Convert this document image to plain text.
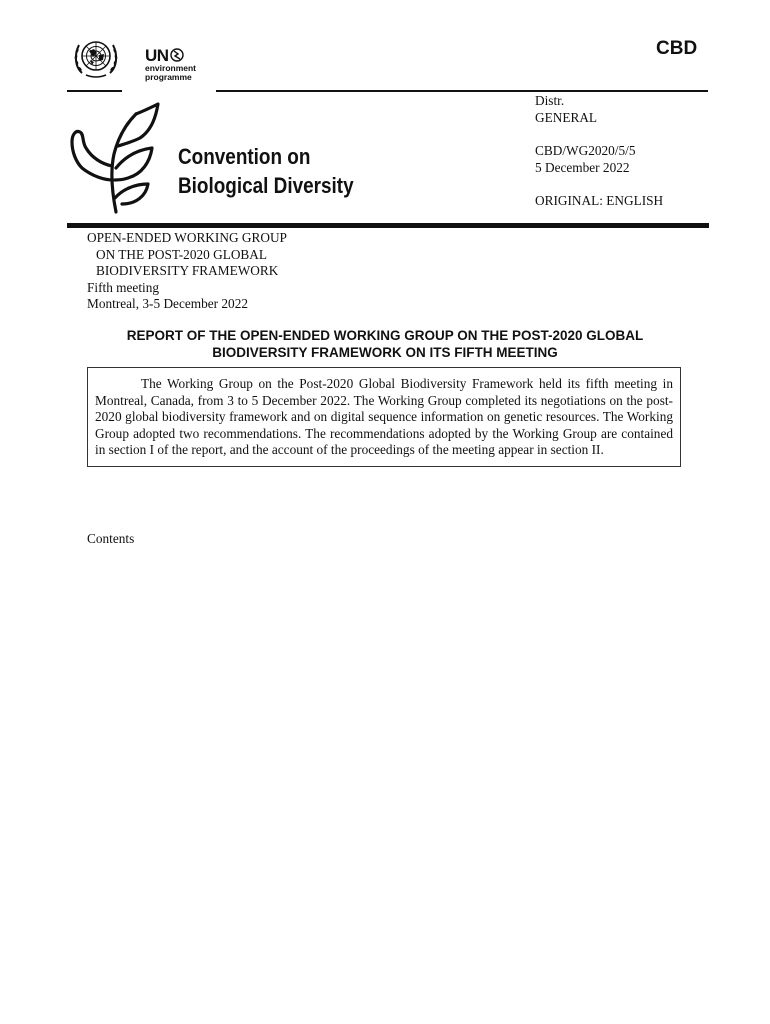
CBD
UN
environment
programme
Convention on
Biological Diversity
Distr.
GENERAL
CBD/WG2020/5/5
5 December 2022
ORIGINAL: ENGLISH
OPEN-ENDED WORKING GROUP
ON THE POST-2020 GLOBAL
BIODIVERSITY FRAMEWORK
Fifth meeting
Montreal, 3-5 December 2022
REPORT OF THE OPEN-ENDED WORKING GROUP ON THE POST-2020 GLOBAL
BIODIVERSITY FRAMEWORK ON ITS FIFTH MEETING

The Working Group on the Post-2020 Global Biodiversity Framework held its fifth meeting in Montreal, Canada, from 3 to 5 December 2022. The Working Group completed its negotiations on the post-2020 global biodiversity framework and on digital sequence information on genetic resources. The Working Group adopted two recommendations. The recommendations adopted by the Working Group are contained in section I of the report, and the account of the proceedings of the meeting appear in section II.

Contents
